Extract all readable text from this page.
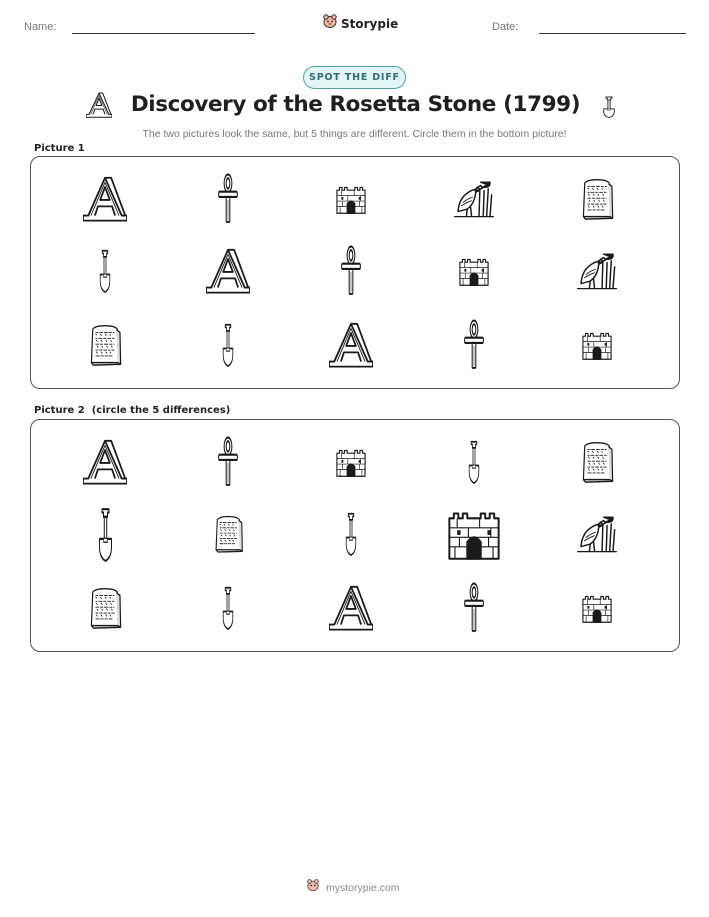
Name:	Storypie	Date:
SPOT THE DIFF
Discovery of the Rosetta Stone (1799)
The two pictures look the same, but 5 things are different. Circle them in the bottom picture!
Picture 1
Picture 2  (circle the 5 differences)
mystorypie.com
